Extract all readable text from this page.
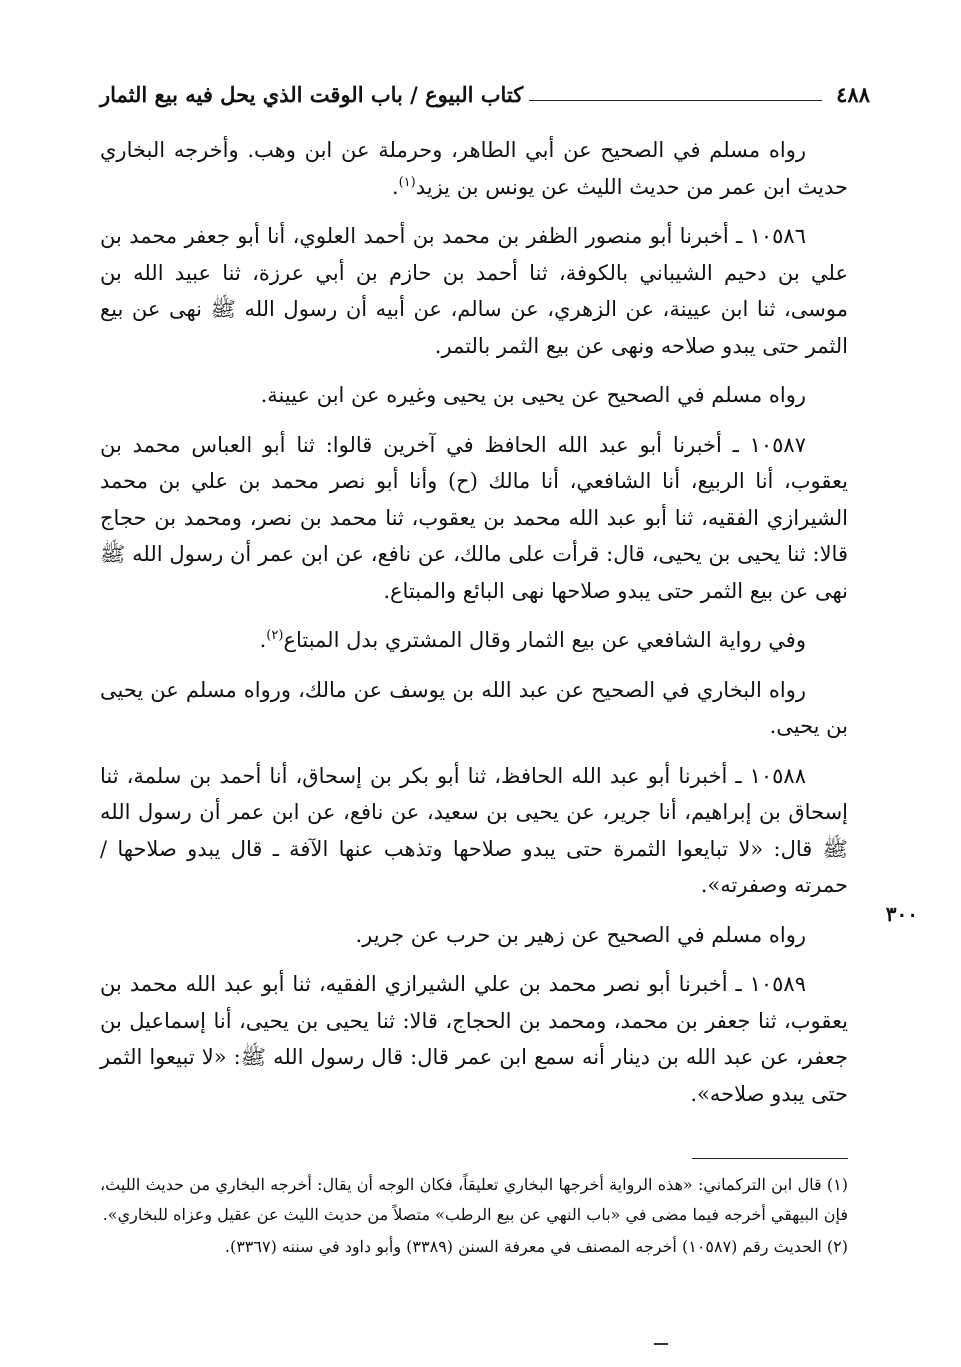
٤٨٨
كتاب البيوع / باب الوقت الذي يحل فيه بيع الثمار

رواه مسلم في الصحيح عن أبي الطاهر، وحرملة عن ابن وهب. وأخرجه البخاري حديث ابن عمر من حديث الليث عن يونس بن يزيد$^{(١)}$.

١٠٥٨٦ ـ أخبرنا أبو منصور الظفر بن محمد بن أحمد العلوي، أنا أبو جعفر محمد بن علي بن دحيم الشيباني بالكوفة، ثنا أحمد بن حازم بن أبي عرزة، ثنا عبيد الله بن موسى، ثنا ابن عيينة، عن الزهري، عن سالم، عن أبيه أن رسول الله ﷺ نهى عن بيع الثمر حتى يبدو صلاحه ونهى عن بيع الثمر بالتمر.

رواه مسلم في الصحيح عن يحيى بن يحيى وغيره عن ابن عيينة.

١٠٥٨٧ ـ أخبرنا أبو عبد الله الحافظ في آخرين قالوا: ثنا أبو العباس محمد بن يعقوب، أنا الربيع، أنا الشافعي، أنا مالك (ح) وأنا أبو نصر محمد بن علي بن محمد الشيرازي الفقيه، ثنا أبو عبد الله محمد بن يعقوب، ثنا محمد بن نصر، ومحمد بن حجاج قالا: ثنا يحيى بن يحيى، قال: قرأت على مالك، عن نافع، عن ابن عمر أن رسول الله ﷺ نهى عن بيع الثمر حتى يبدو صلاحها نهى البائع والمبتاع.

وفي رواية الشافعي عن بيع الثمار وقال المشتري بدل المبتاع$^{(٢)}$.

رواه البخاري في الصحيح عن عبد الله بن يوسف عن مالك، ورواه مسلم عن يحيى بن يحيى.

١٠٥٨٨ ـ أخبرنا أبو عبد الله الحافظ، ثنا أبو بكر بن إسحاق، أنا أحمد بن سلمة، ثنا إسحاق بن إبراهيم، أنا جرير، عن يحيى بن سعيد، عن نافع، عن ابن عمر أن رسول الله ﷺ قال: «لا تبايعوا الثمرة حتى يبدو صلاحها وتذهب عنها الآفة ـ قال يبدو صلاحها / حمرته وصفرته».

رواه مسلم في الصحيح عن زهير بن حرب عن جرير.

١٠٥٨٩ ـ أخبرنا أبو نصر محمد بن علي الشيرازي الفقيه، ثنا أبو عبد الله محمد بن يعقوب، ثنا جعفر بن محمد، ومحمد بن الحجاج، قالا: ثنا يحيى بن يحيى، أنا إسماعيل بن جعفر، عن عبد الله بن دينار أنه سمع ابن عمر قال: قال رسول الله ﷺ: «لا تبيعوا الثمر حتى يبدو صلاحه».

٣٠٠

(١) قال ابن التركماني: «هذه الرواية أخرجها البخاري تعليقاً، فكان الوجه أن يقال: أخرجه البخاري من حديث الليث، فإن البيهقي أخرجه فيما مضى في «باب النهي عن بيع الرطب» متصلاً من حديث الليث عن عقيل وعزاه للبخاري».

(٢) الحديث رقم (١٠٥٨٧) أخرجه المصنف في معرفة السنن (٣٣٨٩) وأبو داود في سننه (٣٣٦٧).
